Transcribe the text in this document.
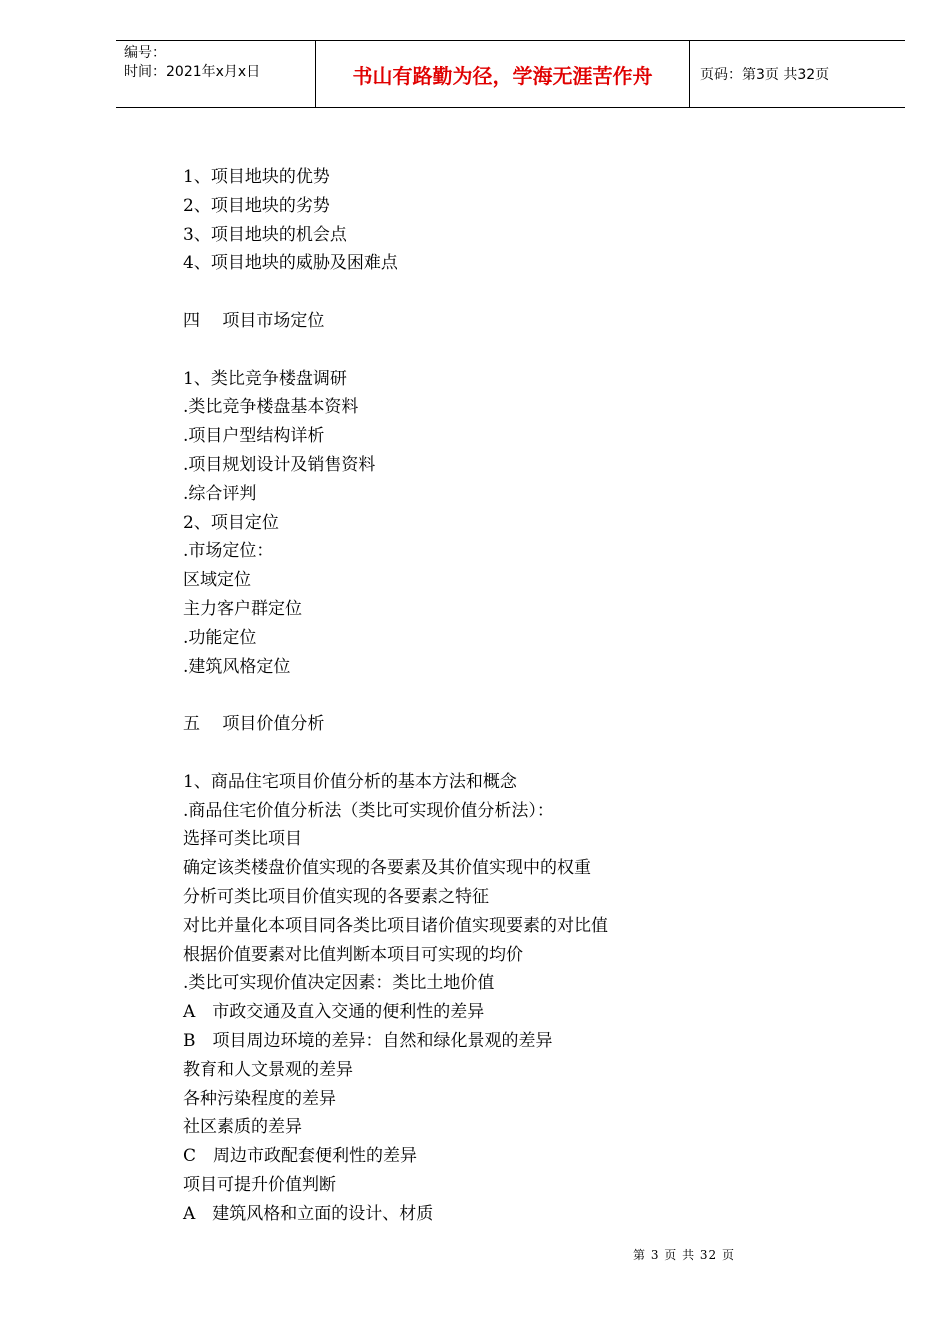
编号：
时间：2021年x月x日	书山有路勤为径，学海无涯苦作舟	页码：第3页 共32页
1、项目地块的优势
2、项目地块的劣势
3、项目地块的机会点
4、项目地块的威胁及困难点
四　 项目市场定位
1、类比竞争楼盘调研
.类比竞争楼盘基本资料
.项目户型结构详析
.项目规划设计及销售资料
.综合评判
2、项目定位
.市场定位：
区域定位
主力客户群定位
.功能定位
.建筑风格定位
五　 项目价值分析
1、商品住宅项目价值分析的基本方法和概念
.商品住宅价值分析法（类比可实现价值分析法）：
选择可类比项目
确定该类楼盘价值实现的各要素及其价值实现中的权重
分析可类比项目价值实现的各要素之特征
对比并量化本项目同各类比项目诸价值实现要素的对比值
根据价值要素对比值判断本项目可实现的均价
.类比可实现价值决定因素：类比土地价值
A　市政交通及直入交通的便利性的差异
B　项目周边环境的差异：自然和绿化景观的差异
教育和人文景观的差异
各种污染程度的差异
社区素质的差异
C　周边市政配套便利性的差异
项目可提升价值判断
A　建筑风格和立面的设计、材质
第 3 页 共 32 页
